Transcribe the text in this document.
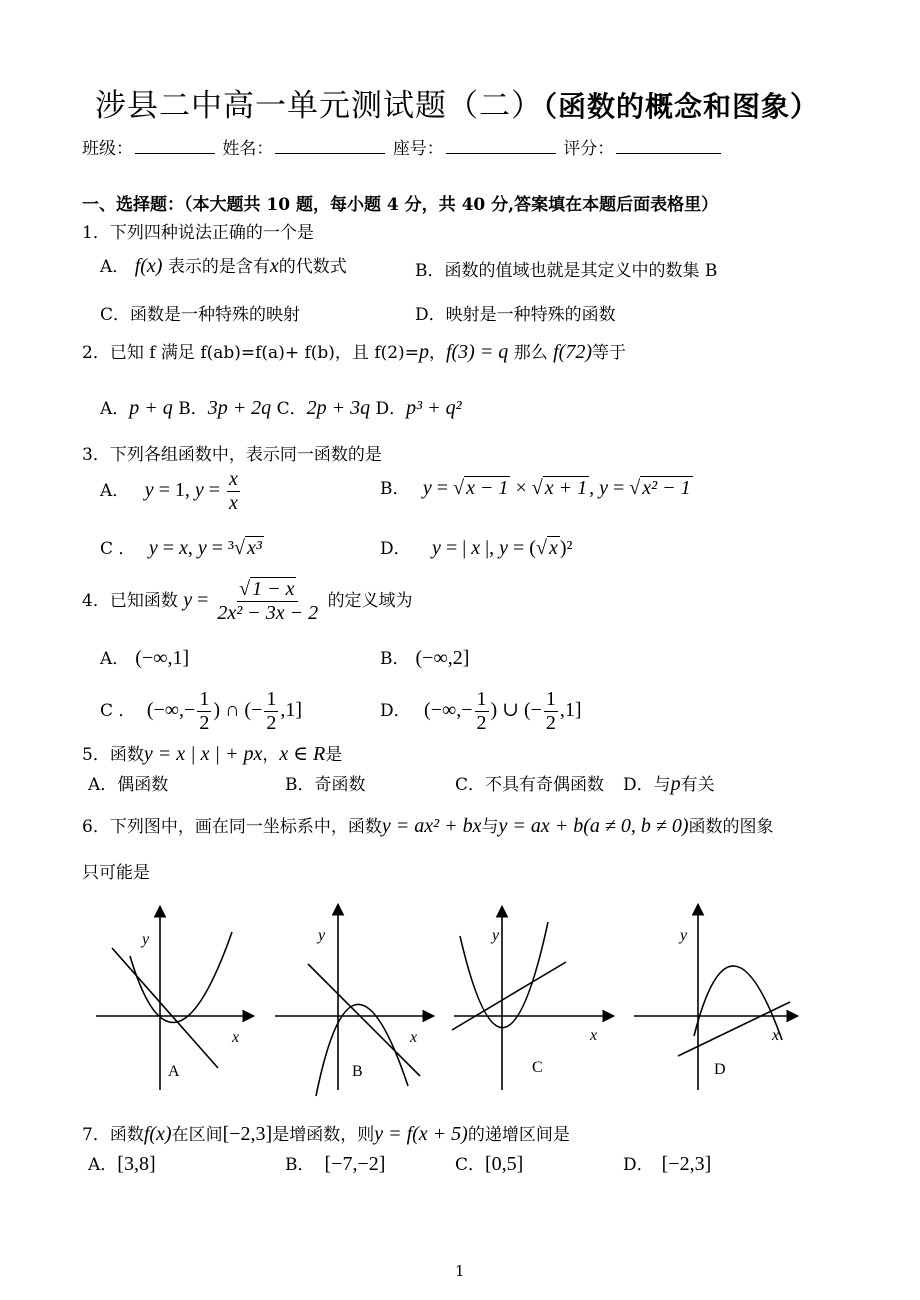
涉县二中高一单元测试题（二）（函数的概念和图象）
班级：	姓名：	座号：	评分：
一、选择题：（本大题共 10 题，每小题 4 分，共 40 分,答案填在本题后面表格里）
1．下列四种说法正确的一个是
A． f(x) 表示的是含有x的代数式	B．函数的值域也就是其定义中的数集 B
C．函数是一种特殊的映射	D．映射是一种特殊的函数
2．已知 f 满足 f(ab)=f(a)+ f(b)，且 f(2)=p，f(3) = q 那么 f(72)等于
A．p + q B．3p + 2q C．2p + 3q D．p³ + q²
3．下列各组函数中，表示同一函数的是
A． y = 1, $y = \frac{x}{x}$	B． y = √ x − 1 × √ x + 1 , y = √ x² − 1
C ． y = x, y = ³√ x³	D． y = | x |, y = (√ x )²
4．已知函数 $y = \frac{√ 1 - x}{\text{2x² − 3x − 2}}$ 的定义域为
A． (−∞,1]	B． (−∞,2]
C ． (−∞,− $\frac{1}{2}$ ) ∩ (− $\frac{1}{2} ,1$]	D． (−∞,− $\frac{1}{2}$ ) ∪ (− $\frac{1}{2} ,1$]
5．函数y = x | x | + px，x ∈ R是
A．偶函数	B．奇函数	C．不具有奇偶函数 D．与p有关
6．下列图中，画在同一坐标系中，函数y = ax² + bx与y = ax + b(a ≠ 0, b ≠ 0)函数的图象
只可能是
y
x
A
y
x
B
y
x
C
y
x
D
7．函数f(x)在区间[−2,3]是增函数，则y = f(x + 5)的递增区间是
A．[3,8]	B． [−7,−2]	C．[0,5]	D． [−2,3]
1
